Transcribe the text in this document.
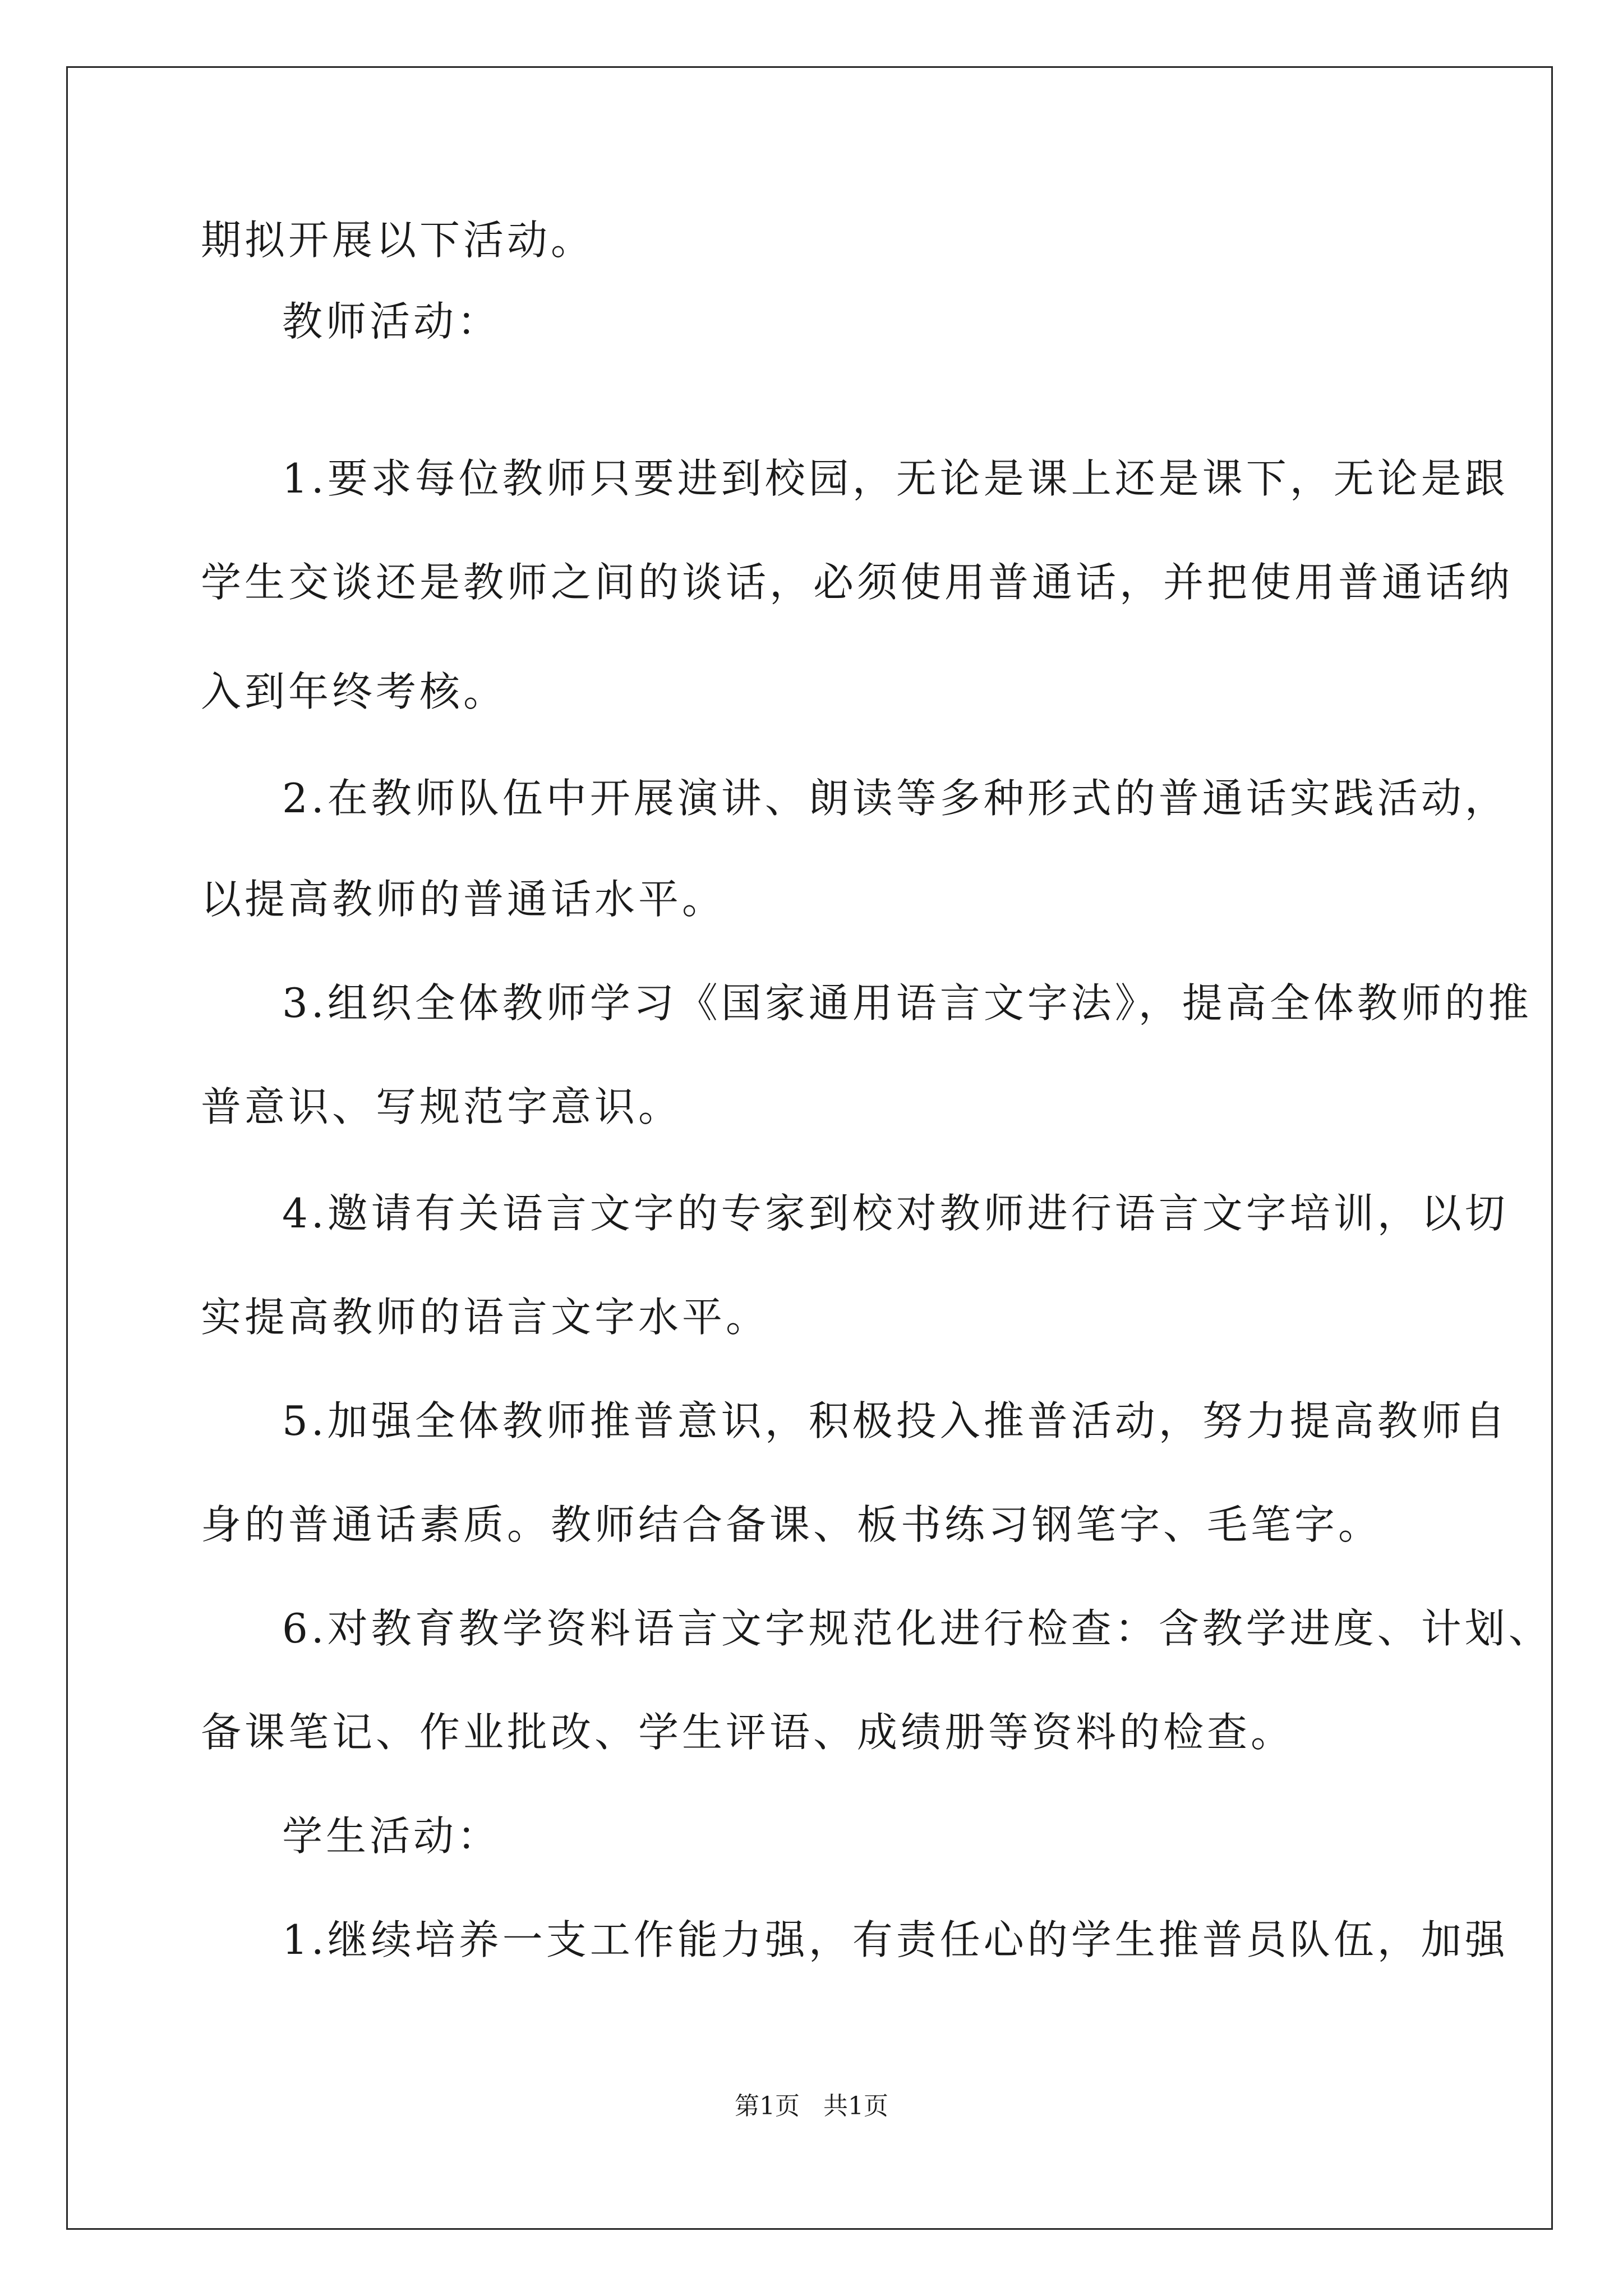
期拟开展以下活动。
教师活动：
1.要求每位教师只要进到校园，无论是课上还是课下，无论是跟
学生交谈还是教师之间的谈话，必须使用普通话，并把使用普通话纳
入到年终考核。
2.在教师队伍中开展演讲、朗读等多种形式的普通话实践活动，
以提高教师的普通话水平。
3.组织全体教师学习《国家通用语言文字法》，提高全体教师的推
普意识、写规范字意识。
4.邀请有关语言文字的专家到校对教师进行语言文字培训，以切
实提高教师的语言文字水平。
5.加强全体教师推普意识，积极投入推普活动，努力提高教师自
身的普通话素质。教师结合备课、板书练习钢笔字、毛笔字。
6.对教育教学资料语言文字规范化进行检查：含教学进度、计划、
备课笔记、作业批改、学生评语、成绩册等资料的检查。
学生活动：
1.继续培养一支工作能力强，有责任心的学生推普员队伍，加强
第1页 共1页
